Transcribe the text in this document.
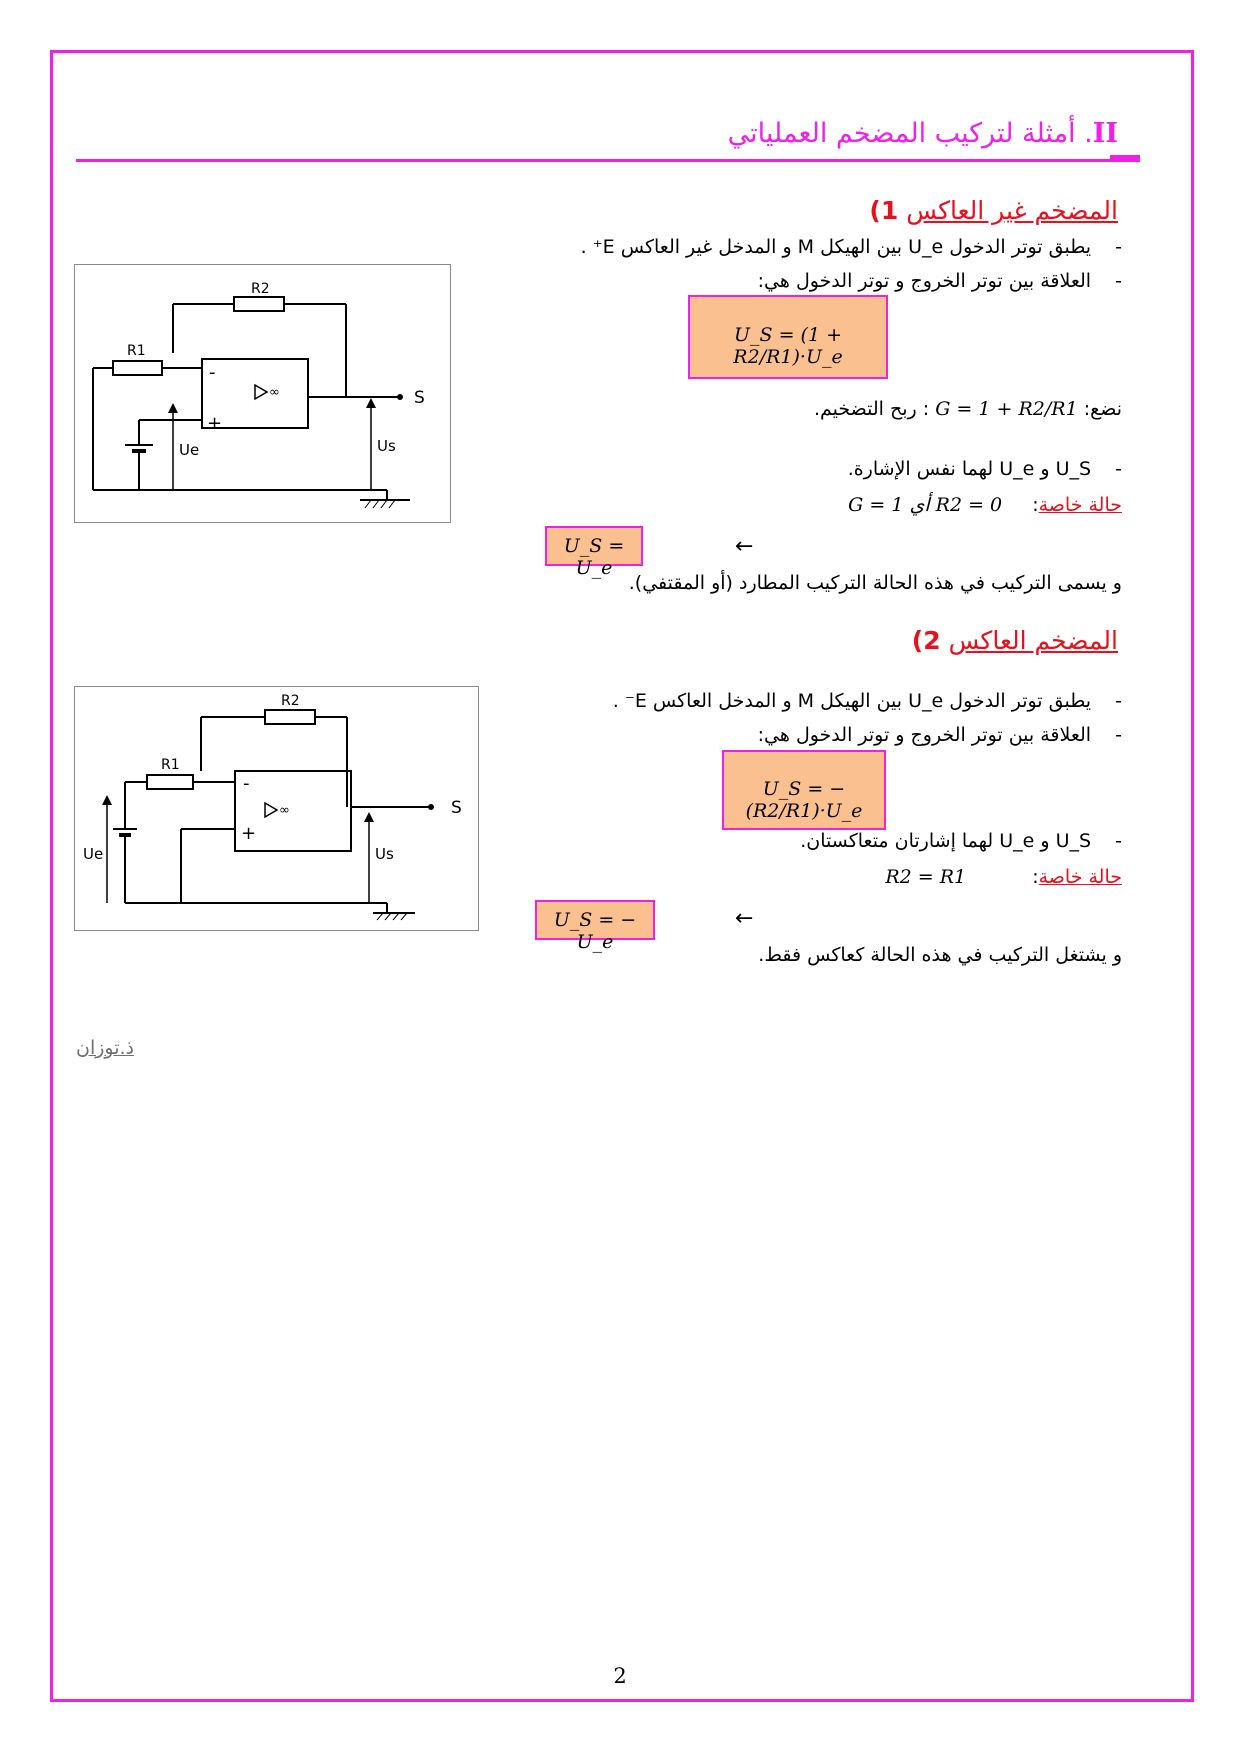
II. أمثلة لتركيب المضخم العملياتي
المضخم غير العاكس 1)
- يطبق توتر الدخول U_e بين الهيكل M و المدخل غير العاكس E⁺ .
- العلاقة بين توتر الخروج و توتر الدخول هي:
U_S = (1 + R2/R1)·U_e
نضع: G = 1 + R2/R1 : ربح التضخيم.
- U_S و U_e لهما نفس الإشارة.
حالة خاصة: R2 = 0 أي G = 1
U_S = U_e
←
و يسمى التركيب في هذه الحالة التركيب المطارد (أو المقتفي).
R2
R1
-
+
∞	S
Ue	Us
المضخم العاكس 2)
- يطبق توتر الدخول U_e بين الهيكل M و المدخل العاكس E⁻ .
- العلاقة بين توتر الخروج و توتر الدخول هي:
U_S = −(R2/R1)·U_e
- U_S و U_e لهما إشارتان متعاكستان.
حالة خاصة: R2 = R1
U_S = − U_e
←
و يشتغل التركيب في هذه الحالة كعاكس فقط.
R2
R1
-
+
∞	S
Ue	Us
ذ.توزان
2
